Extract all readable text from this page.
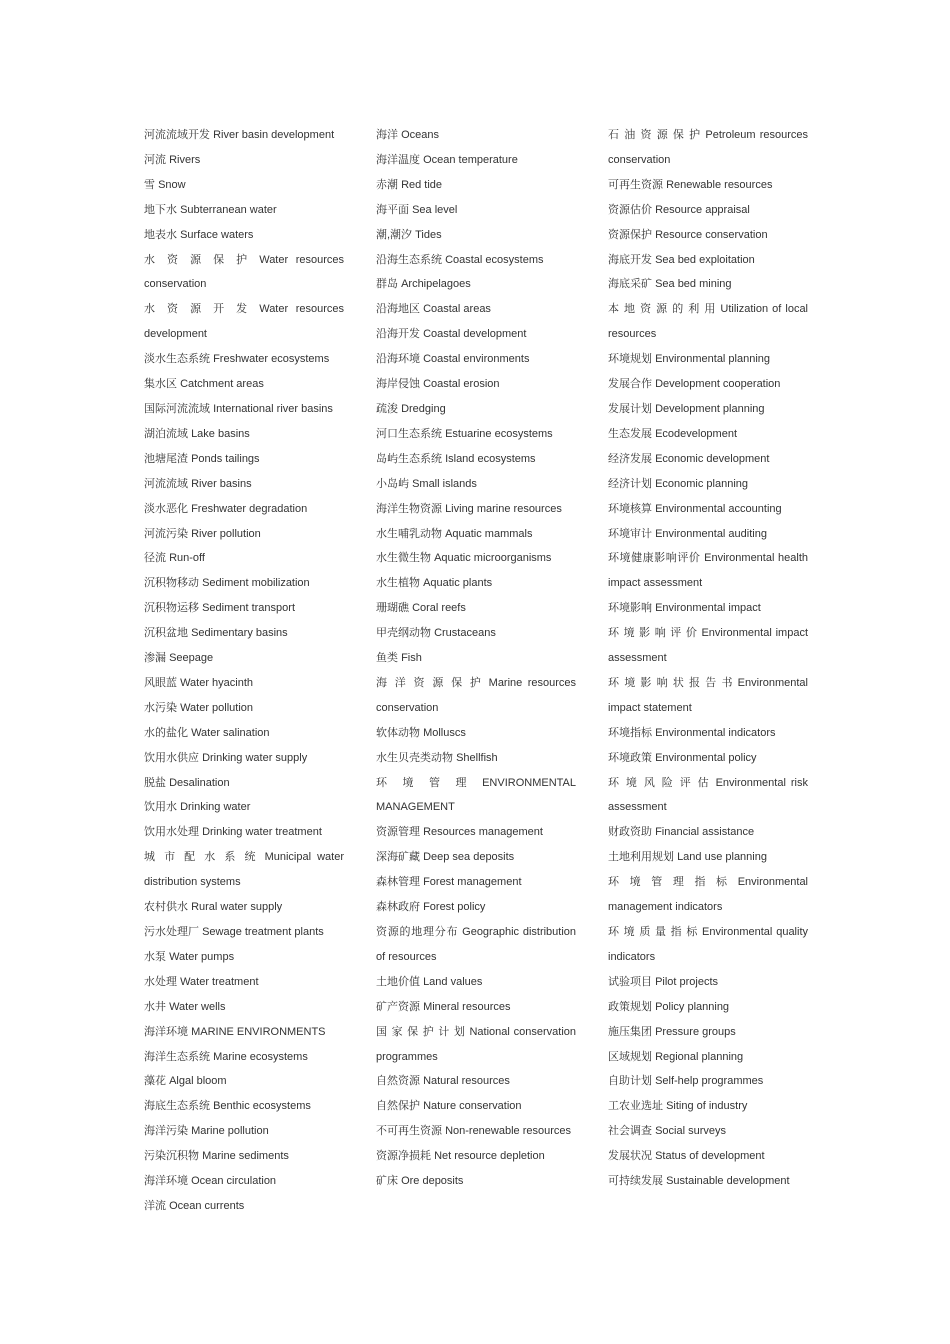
河流流域开发 River basin development
河流 Rivers
雪 Snow
地下水 Subterranean water
地表水 Surface waters
水 资 源 保 护 Water resources conservation
水 资 源 开 发 Water resources development
淡水生态系统 Freshwater ecosystems
集水区 Catchment areas
国际河流流域 International river basins
湖泊流域 Lake basins
池塘尾渣 Ponds tailings
河流流域 River basins
淡水恶化 Freshwater degradation
河流污染 River pollution
径流 Run-off
沉积物移动 Sediment mobilization
沉积物运移 Sediment transport
沉积盆地 Sedimentary basins
渗漏 Seepage
风眼蓝 Water hyacinth
水污染 Water pollution
水的盐化 Water salination
饮用水供应 Drinking water supply
脱盐 Desalination
饮用水 Drinking water
饮用水处理 Drinking water treatment
城 市 配 水 系 统 Municipal water distribution systems
农村供水 Rural water supply
污水处理厂 Sewage treatment plants
水泵 Water pumps
水处理 Water treatment
水井 Water wells
海洋环境 MARINE ENVIRONMENTS
海洋生态系统 Marine ecosystems
藻花 Algal bloom
海底生态系统 Benthic ecosystems
海洋污染 Marine pollution
污染沉积物 Marine sediments
海洋环境 Ocean circulation
洋流 Ocean currents
海洋 Oceans
海洋温度 Ocean temperature
赤潮 Red tide
海平面 Sea level
潮,潮汐 Tides
沿海生态系统 Coastal ecosystems
群岛 Archipelagoes
沿海地区 Coastal areas
沿海开发 Coastal development
沿海环境 Coastal environments
海岸侵蚀 Coastal erosion
疏浚 Dredging
河口生态系统 Estuarine ecosystems
岛屿生态系统 Island ecosystems
小岛屿 Small islands
海洋生物资源 Living marine resources
水生哺乳动物 Aquatic mammals
水生微生物 Aquatic microorganisms
水生植物 Aquatic plants
珊瑚礁 Coral reefs
甲壳纲动物 Crustaceans
鱼类 Fish
海 洋 资 源 保 护 Marine resources conservation
软体动物 Molluscs
水生贝壳类动物 Shellfish
环 境 管 理 ENVIRONMENTAL MANAGEMENT
资源管理 Resources management
深海矿藏 Deep sea deposits
森林管理 Forest management
森林政府 Forest policy
资源的地理分布 Geographic distribution of resources
土地价值 Land values
矿产资源 Mineral resources
国 家 保 护 计 划 National conservation programmes
自然资源 Natural resources
自然保护 Nature conservation
不可再生资源 Non-renewable resources
资源净损耗 Net resource depletion
矿床 Ore deposits
石 油 资 源 保 护 Petroleum resources conservation
可再生资源 Renewable resources
资源估价 Resource appraisal
资源保护 Resource conservation
海底开发 Sea bed exploitation
海底采矿 Sea bed mining
本 地 资 源 的 利 用 Utilization of local resources
环境规划 Environmental planning
发展合作 Development cooperation
发展计划 Development planning
生态发展 Ecodevelopment
经济发展 Economic development
经济计划 Economic planning
环境核算 Environmental accounting
环境审计 Environmental auditing
环境健康影响评价 Environmental health impact assessment
环境影响 Environmental impact
环 境 影 响 评 价 Environmental impact assessment
环 境 影 响 状 报 告 书 Environmental impact statement
环境指标 Environmental indicators
环境政策 Environmental policy
环 境 风 险 评 估 Environmental risk assessment
财政资助 Financial assistance
土地利用规划 Land use planning
环 境 管 理 指 标 Environmental management indicators
环 境 质 量 指 标 Environmental quality indicators
试验项目 Pilot projects
政策规划 Policy planning
施压集团 Pressure groups
区域规划 Regional planning
自助计划 Self-help programmes
工农业选址 Siting of industry
社会调查 Social surveys
发展状况 Status of development
可持续发展 Sustainable development
